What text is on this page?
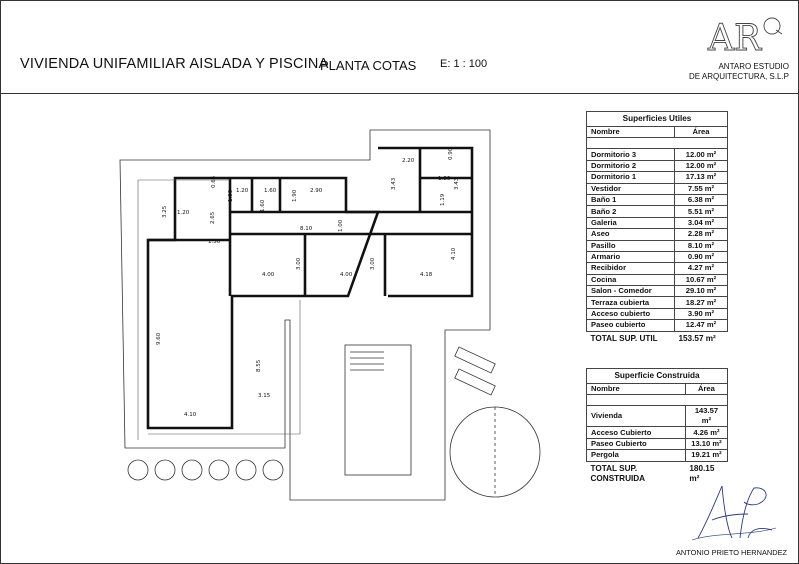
VIVIENDA UNIFAMILIAR AISLADA Y PISCINA
PLANTA COTAS E: 1 : 100
AR
ANTARO ESTUDIO
DE ARQUITECTURA, S.L.P
2.20
0.90
1.86
3.43	3.43
1.19
0.65
1.20	1.60
1.60
2.90
3.25 1.20
1.90	1.90
2.65
1.50
8.10	1.00
4.10
4.00
3.00
4.00
3.00
4.18
9.60
8.55
3.15
4.10
Superficies Utiles	
Nombre	Área

Dormitorio 3	12.00 m²
Dormitorio 2	12.00 m²
Dormitorio 1	17.13 m²
Vestidor	7.55 m²
Baño 1	6.38 m²
Baño 2	5.51 m²
Galeria	3.04 m²
Aseo	2.28 m²
Pasillo	8.10 m²
Armario	0.90 m²
Recibidor	4.27 m²
Cocina	10.67 m²
Salon - Comedor	29.10 m²
Terraza cubierta	18.27 m²
Acceso cubierto	3.90 m²
Paseo cubierto	12.47 m²
TOTAL SUP. UTIL	153.57 m²
Superficie Construida	
Nombre	Área

Vivienda	143.57 m²
Acceso Cubierto	4.26 m²
Paseo Cubierto	13.10 m²
Pergola	19.21 m²
TOTAL SUP. CONSTRUIDA	180.15 m²
ANTONIO PRIETO HERNANDEZ
